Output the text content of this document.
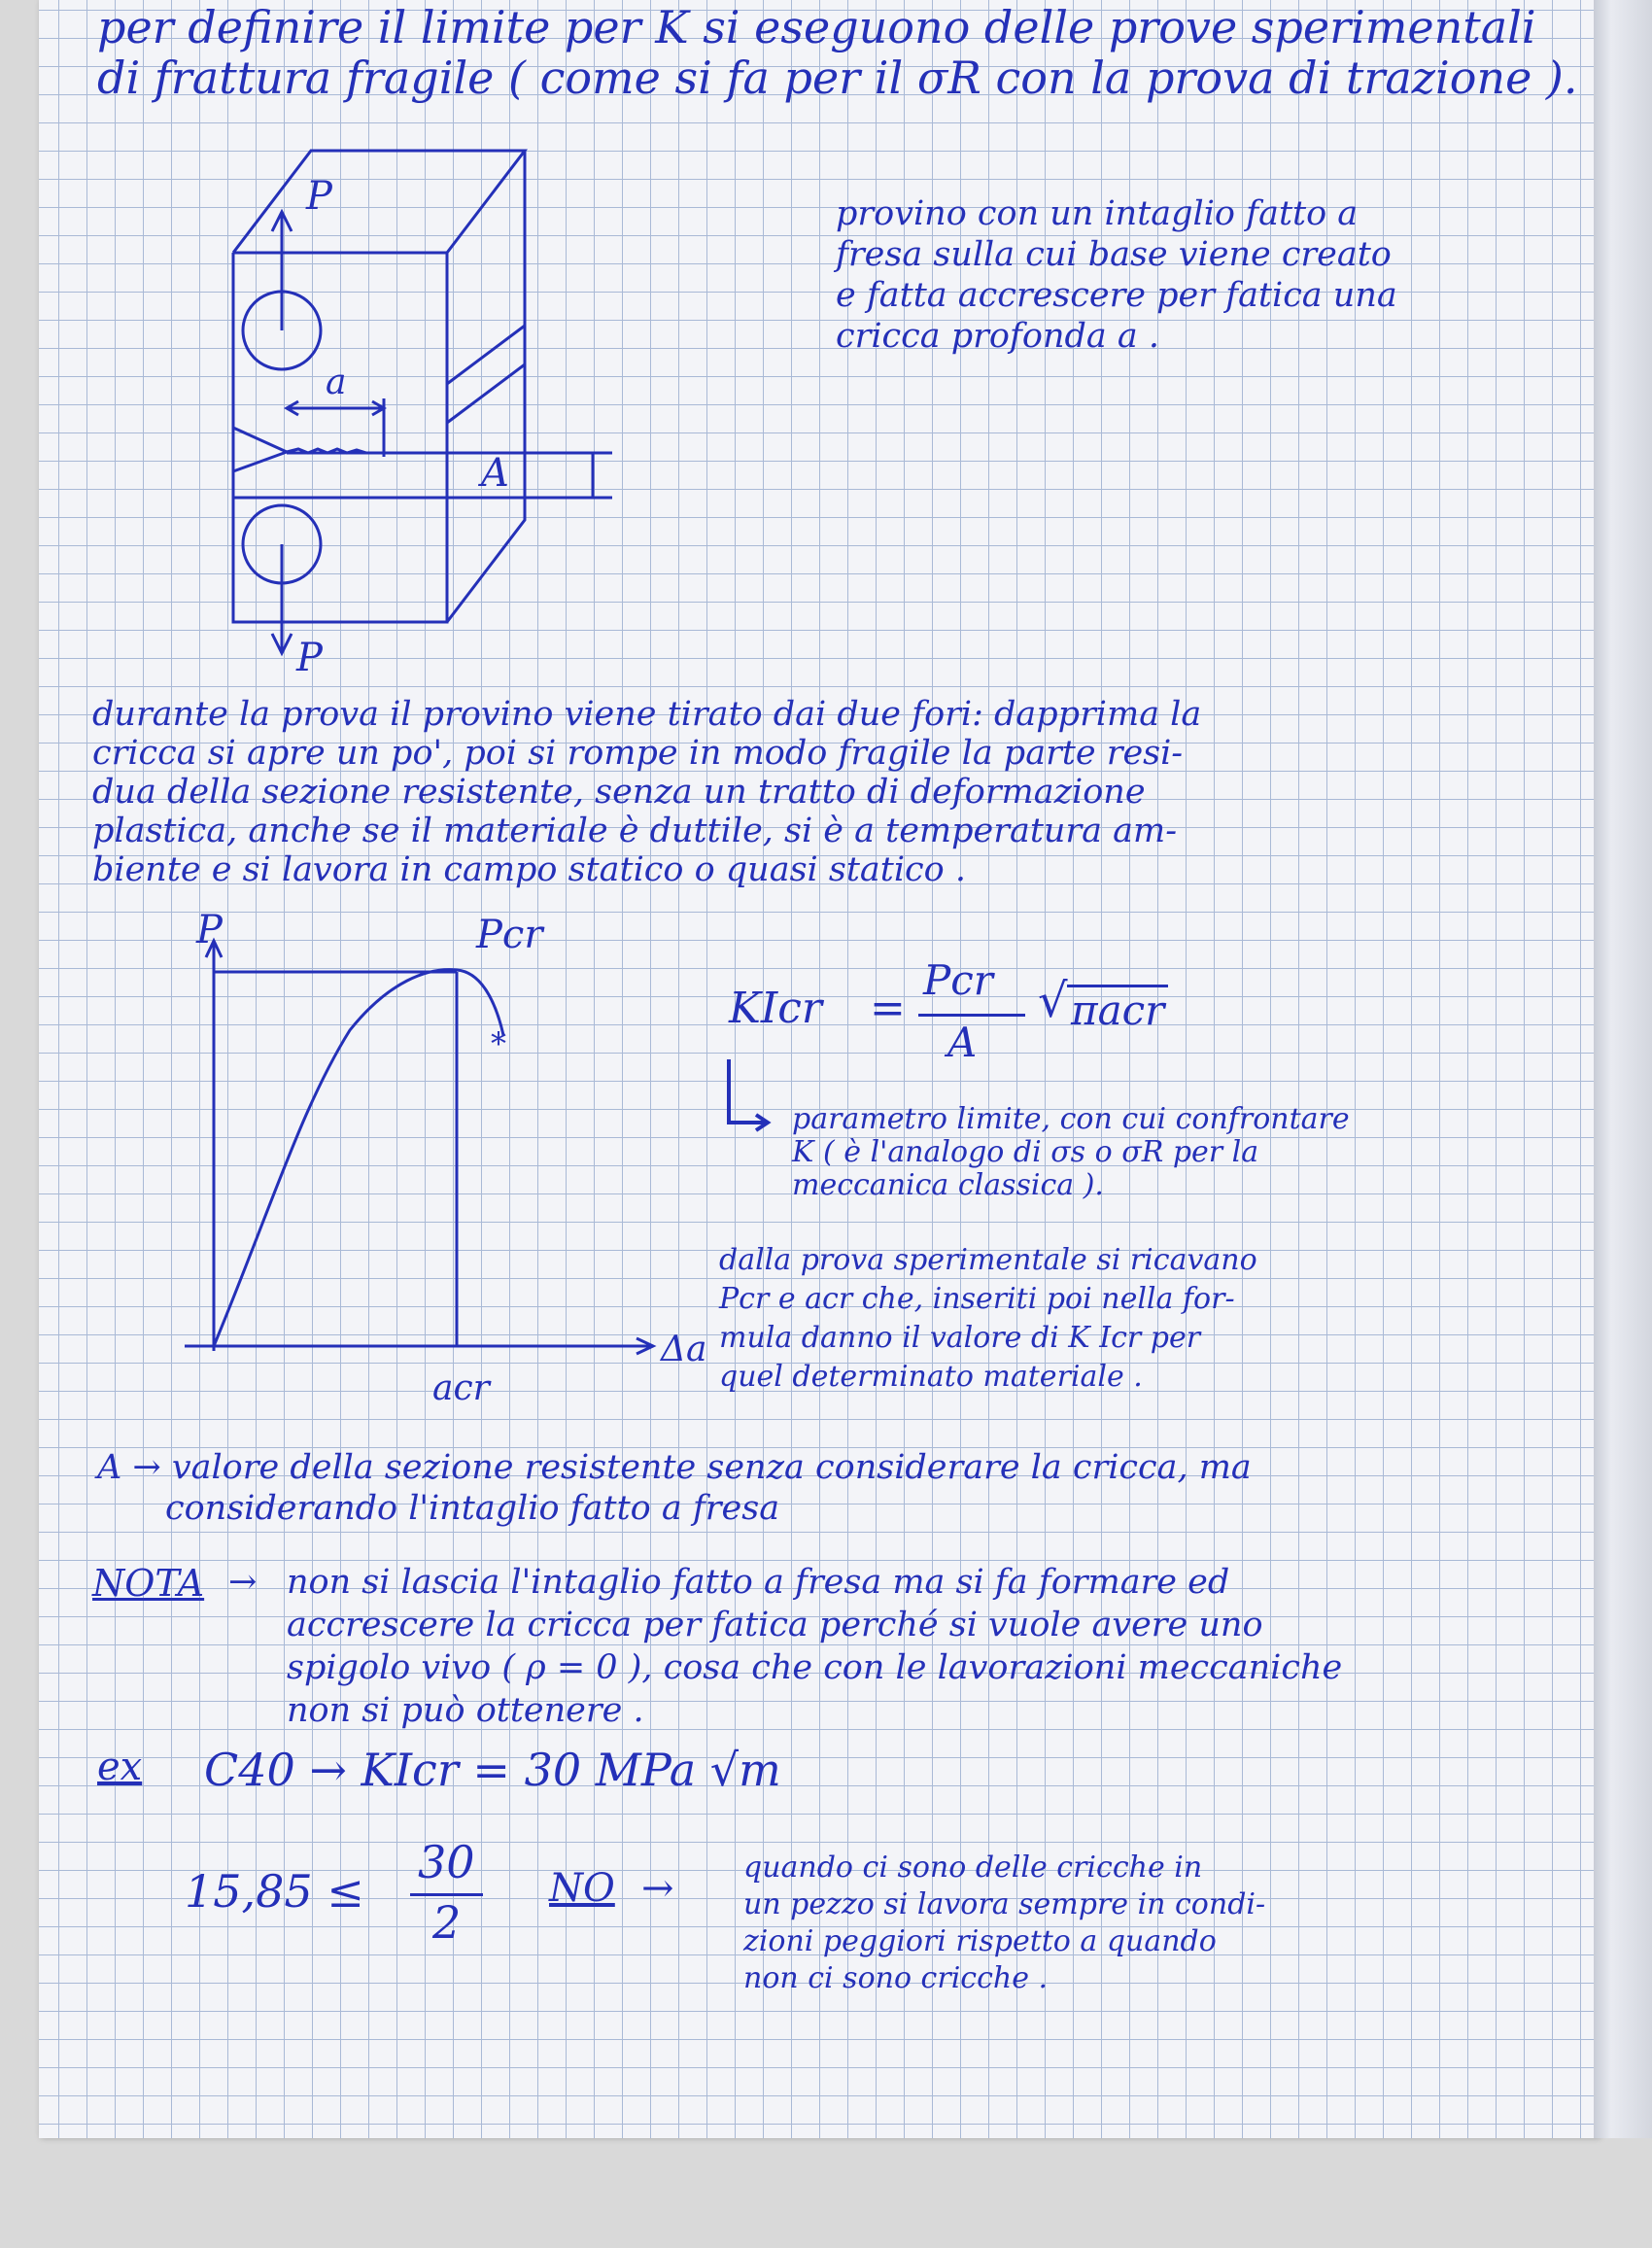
per definire il limite per K si eseguono delle prove sperimentali

di frattura fragile ( come si fa per il σR con la prova di trazione ).

P
P
a
A

provino con un intaglio fatto a

fresa sulla cui base viene creato

e fatta accrescere per fatica una

cricca profonda a .

durante la prova il provino viene tirato dai due fori: dapprima la

cricca si apre un po', poi si rompe in modo fragile la parte resi-

dua della sezione resistente, senza un tratto di deformazione

plastica, anche se il materiale è duttile, si è a temperatura am-

biente e si lavora in campo statico o quasi statico .

*
P	Pcr
Δa
acr

KIcr

=

Pcr

A

√

πacr

parametro limite, con cui confrontare

K ( è l'analogo di σs o σR per la

meccanica classica ).

dalla prova sperimentale si ricavano

Pcr e acr che, inseriti poi nella for-

mula danno il valore di K Icr per

quel determinato materiale .

A → valore della sezione resistente senza considerare la cricca, ma

considerando l'intaglio fatto a fresa

NOTA

→

non si lascia l'intaglio fatto a fresa ma si fa formare ed

accrescere la cricca per fatica perché si vuole avere uno

spigolo vivo ( ρ = 0 ), cosa che con le lavorazioni meccaniche

non si può ottenere .

ex

C40 → KIcr = 30 MPa √m

15,85 ≤

30

2

NO

→

quando ci sono delle cricche in

un pezzo si lavora sempre in condi-

zioni peggiori rispetto a quando

non ci sono cricche .
